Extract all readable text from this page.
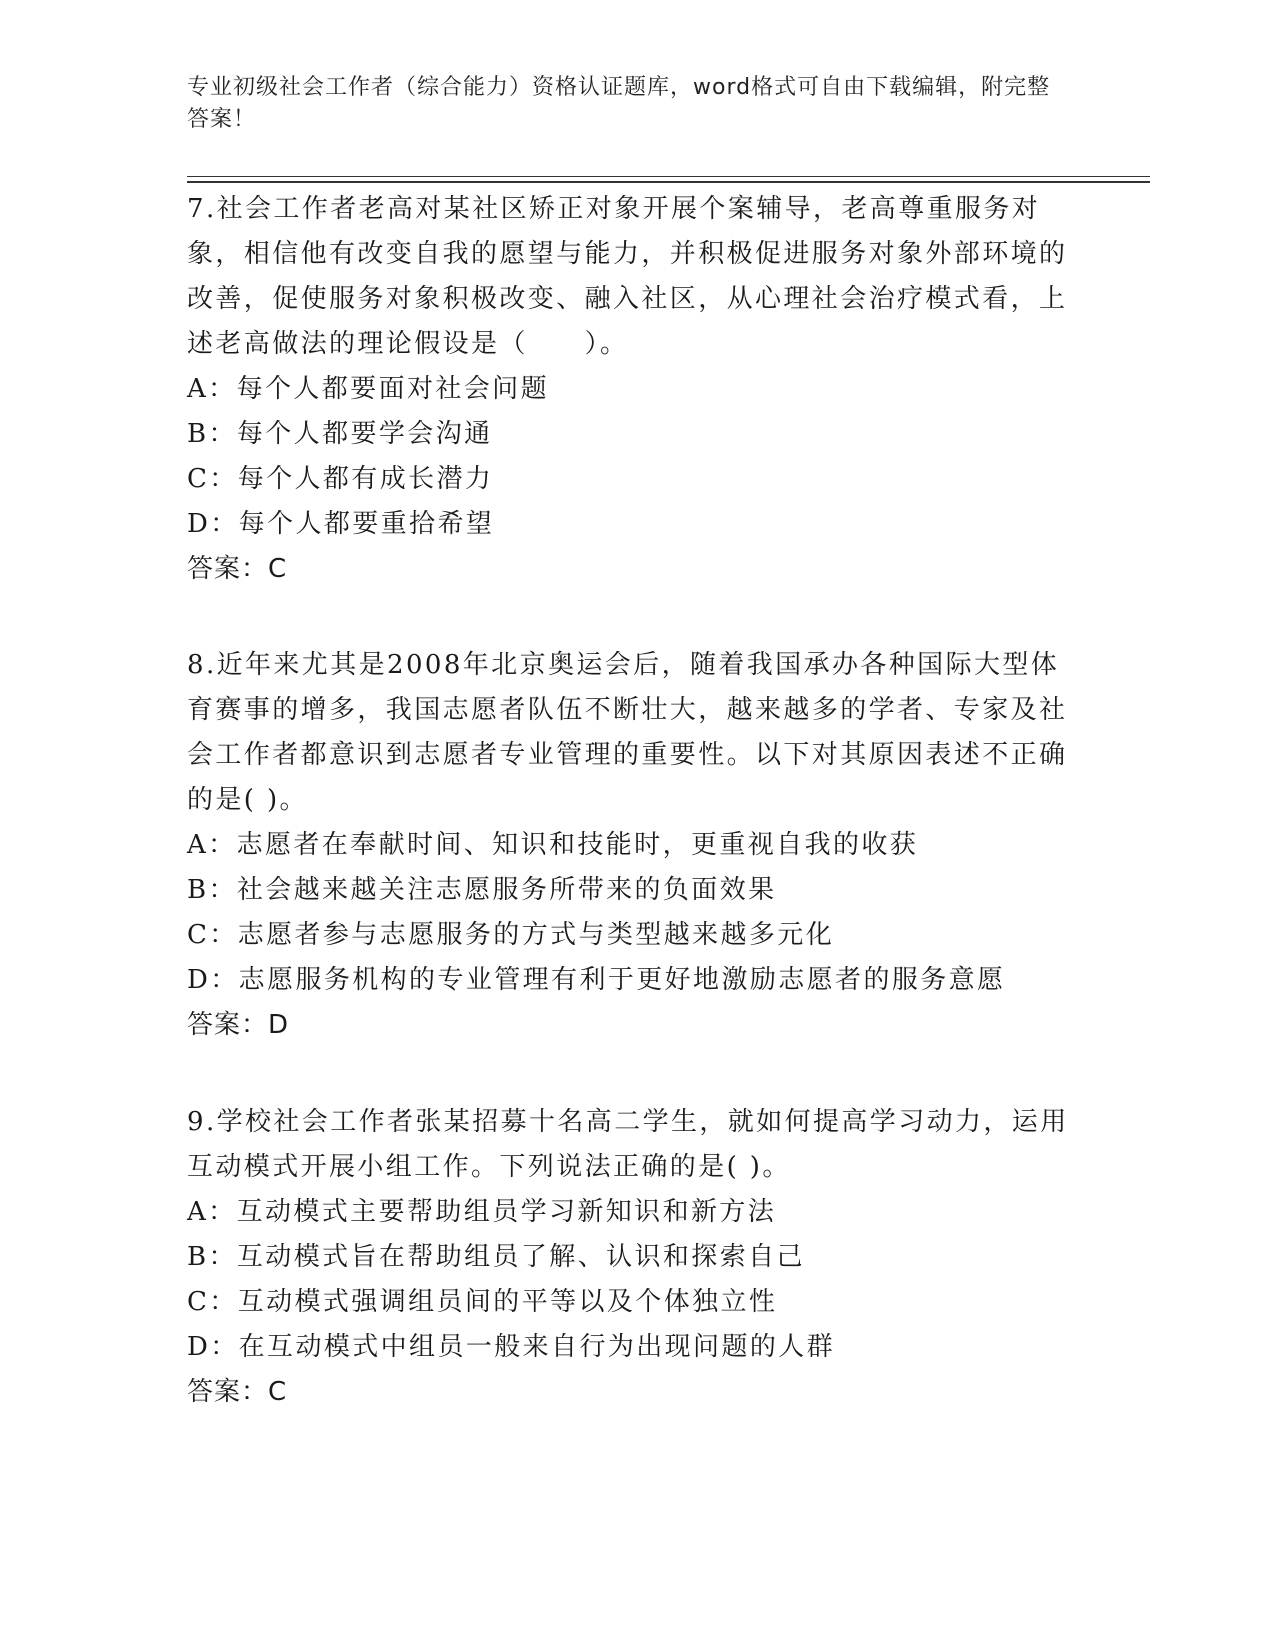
专业初级社会工作者（综合能力）资格认证题库，word格式可自由下载编辑，附完整答案！

7.社会工作者老高对某社区矫正对象开展个案辅导，老高尊重服务对象，相信他有改变自我的愿望与能力，并积极促进服务对象外部环境的改善，促使服务对象积极改变、融入社区，从心理社会治疗模式看，上述老高做法的理论假设是（　　）。

A：每个人都要面对社会问题

B：每个人都要学会沟通

C：每个人都有成长潜力

D：每个人都要重拾希望

答案：C

8.近年来尤其是2008年北京奥运会后，随着我国承办各种国际大型体育赛事的增多，我国志愿者队伍不断壮大，越来越多的学者、专家及社会工作者都意识到志愿者专业管理的重要性。以下对其原因表述不正确的是( )。

A：志愿者在奉献时间、知识和技能时，更重视自我的收获

B：社会越来越关注志愿服务所带来的负面效果

C：志愿者参与志愿服务的方式与类型越来越多元化

D：志愿服务机构的专业管理有利于更好地激励志愿者的服务意愿

答案：D

9.学校社会工作者张某招募十名高二学生，就如何提高学习动力，运用互动模式开展小组工作。下列说法正确的是( )。

A：互动模式主要帮助组员学习新知识和新方法

B：互动模式旨在帮助组员了解、认识和探索自己

C：互动模式强调组员间的平等以及个体独立性

D：在互动模式中组员一般来自行为出现问题的人群

答案：C
